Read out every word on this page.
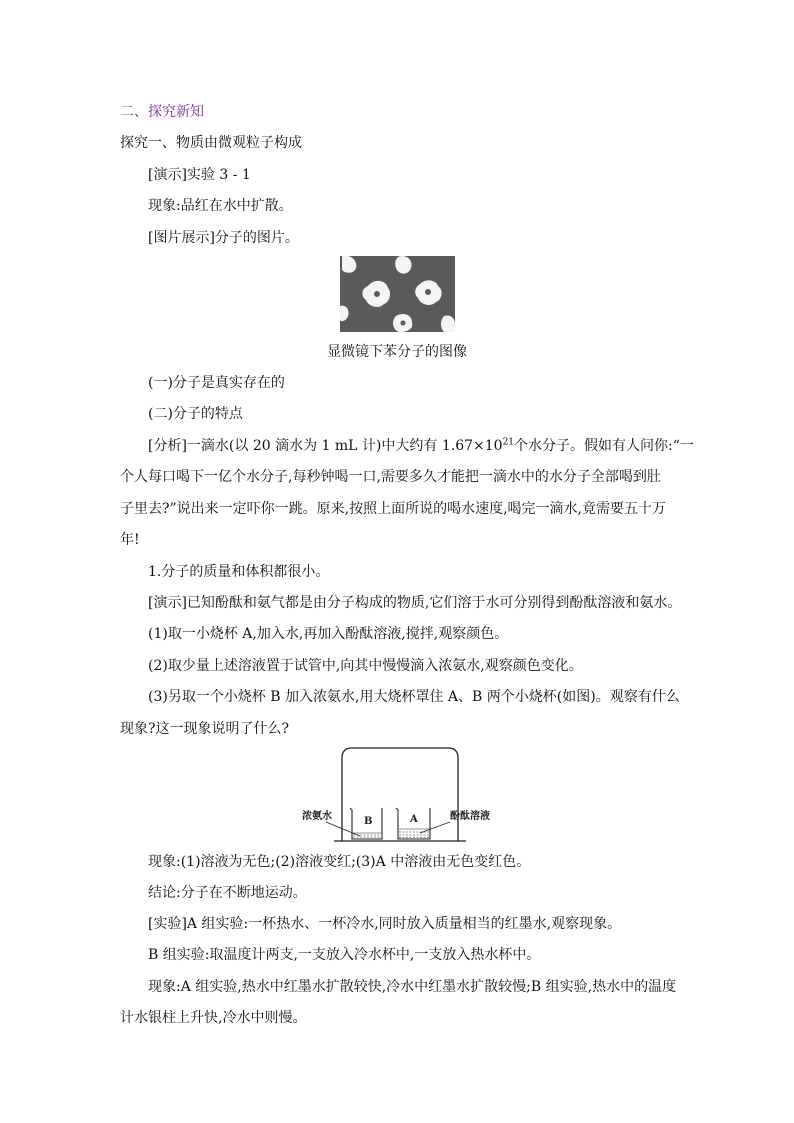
二、探究新知
探究一、物质由微观粒子构成
[演示]实验 3 - 1
现象:品红在水中扩散。
[图片展示]分子的图片。
显微镜下苯分子的图像
(一)分子是真实存在的
(二)分子的特点
[分析]一滴水(以 20 滴水为 1 mL 计)中大约有 $1.67\times 10^{21}$个水分子。假如有人问你:“一
个人每口喝下一亿个水分子,每秒钟喝一口,需要多久才能把一滴水中的水分子全部喝到肚
子里去?”说出来一定吓你一跳。原来,按照上面所说的喝水速度,喝完一滴水,竟需要五十万
年!
1.分子的质量和体积都很小。
[演示]已知酚酞和氨气都是由分子构成的物质,它们溶于水可分别得到酚酞溶液和氨水。
(1)取一小烧杯 A,加入水,再加入酚酞溶液,搅拌,观察颜色。
(2)取少量上述溶液置于试管中,向其中慢慢滴入浓氨水,观察颜色变化。
(3)另取一个小烧杯 B 加入浓氨水,用大烧杯罩住 A、B 两个小烧杯(如图)。观察有什么
现象?这一现象说明了什么?
B	A
浓氨水	酚酞溶液
现象:(1)溶液为无色;(2)溶液变红;(3)A 中溶液由无色变红色。
结论:分子在不断地运动。
[实验]A 组实验:一杯热水、一杯冷水,同时放入质量相当的红墨水,观察现象。
B 组实验:取温度计两支,一支放入冷水杯中,一支放入热水杯中。
现象:A 组实验,热水中红墨水扩散较快,冷水中红墨水扩散较慢;B 组实验,热水中的温度
计水银柱上升快,冷水中则慢。
